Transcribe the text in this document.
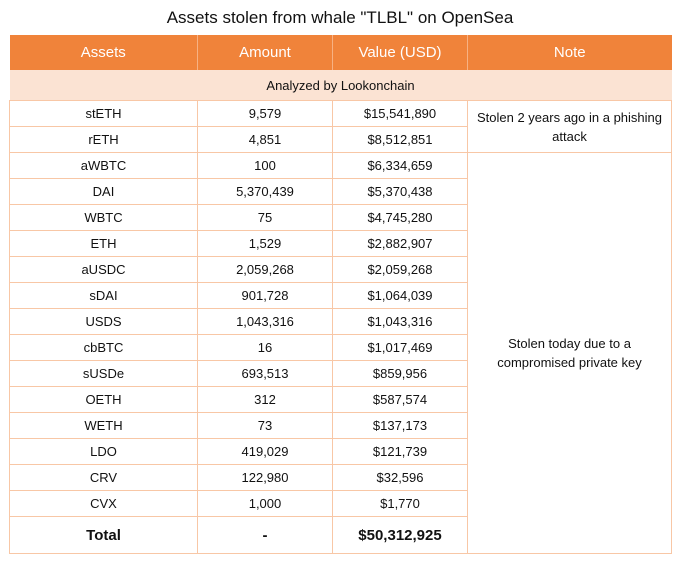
Assets stolen from whale "TLBL" on OpenSea
Assets	Amount	Value (USD)	Note	
Analyzed by Lookonchain				
stETH	9,579	$15,541,890	Stolen 2 years ago in a phishing attack	
rETH	4,851	$8,512,851		
aWBTC	100	$6,334,659	Stolen today due to a compromised private key	
DAI	5,370,439	$5,370,438		
WBTC	75	$4,745,280		
ETH	1,529	$2,882,907		
aUSDC	2,059,268	$2,059,268		
sDAI	901,728	$1,064,039		
USDS	1,043,316	$1,043,316		
cbBTC	16	$1,017,469		
sUSDe	693,513	$859,956		
OETH	312	$587,574		
WETH	73	$137,173		
LDO	419,029	$121,739		
CRV	122,980	$32,596		
CVX	1,000	$1,770		
Total	-	$50,312,925		
